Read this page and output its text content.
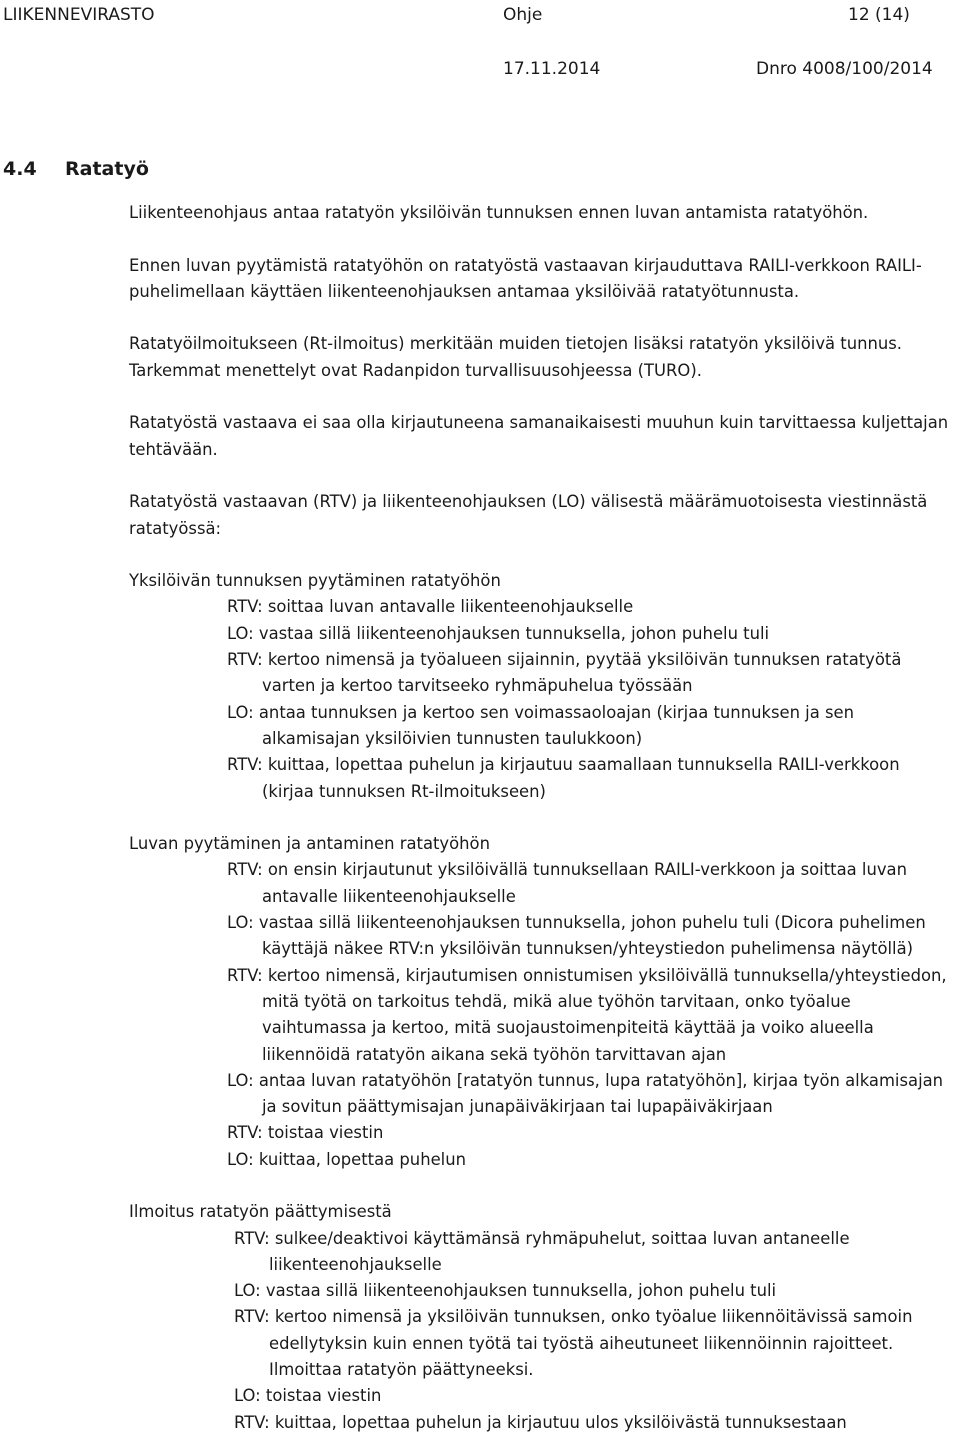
LIIKENNEVIRASTO	Ohje	12 (14)
17.11.2014	Dnro 4008/100/2014
4.4 Ratatyö

Liikenteenohjaus antaa ratatyön yksilöivän tunnuksen ennen luvan antamista ratatyöhön.

Ennen luvan pyytämistä ratatyöhön on ratatyöstä vastaavan kirjauduttava RAILI-verkkoon RAILI-puhelimellaan käyttäen liikenteenohjauksen antamaa yksilöivää ratatyötunnusta.

Ratatyöilmoitukseen (Rt-ilmoitus) merkitään muiden tietojen lisäksi ratatyön yksilöivä tunnus. Tarkemmat menettelyt ovat Radanpidon turvallisuusohjeessa (TURO).

Ratatyöstä vastaava ei saa olla kirjautuneena samanaikaisesti muuhun kuin tarvittaessa kuljettajan tehtävään.

Ratatyöstä vastaavan (RTV) ja liikenteenohjauksen (LO) välisestä määrämuotoisesta viestinnästä ratatyössä:

Yksilöivän tunnuksen pyytäminen ratatyöhön
RTV: soittaa luvan antavalle liikenteenohjaukselle
LO: vastaa sillä liikenteenohjauksen tunnuksella, johon puhelu tuli
RTV: kertoo nimensä ja työalueen sijainnin, pyytää yksilöivän tunnuksen ratatyötä varten ja kertoo tarvitseeko ryhmäpuhelua työssään
LO: antaa tunnuksen ja kertoo sen voimassaoloajan (kirjaa tunnuksen ja sen alkamisajan yksilöivien tunnusten taulukkoon)
RTV: kuittaa, lopettaa puhelun ja kirjautuu saamallaan tunnuksella RAILI-verkkoon (kirjaa tunnuksen Rt-ilmoitukseen)
Luvan pyytäminen ja antaminen ratatyöhön
RTV: on ensin kirjautunut yksilöivällä tunnuksellaan RAILI-verkkoon ja soittaa luvan antavalle liikenteenohjaukselle
LO: vastaa sillä liikenteenohjauksen tunnuksella, johon puhelu tuli (Dicora puhelimen käyttäjä näkee RTV:n yksilöivän tunnuksen/yhteystiedon puhelimensa näytöllä)
RTV: kertoo nimensä, kirjautumisen onnistumisen yksilöivällä tunnuksella/yhteystiedon, mitä työtä on tarkoitus tehdä, mikä alue työhön tarvitaan, onko työalue vaihtumassa ja kertoo, mitä suojaustoimenpiteitä käyttää ja voiko alueella liikennöidä ratatyön aikana sekä työhön tarvittavan ajan
LO: antaa luvan ratatyöhön [ratatyön tunnus, lupa ratatyöhön], kirjaa työn alkamisajan ja sovitun päättymisajan junapäiväkirjaan tai lupapäiväkirjaan
RTV: toistaa viestin
LO: kuittaa, lopettaa puhelun
Ilmoitus ratatyön päättymisestä
RTV: sulkee/deaktivoi käyttämänsä ryhmäpuhelut, soittaa luvan antaneelle liikenteenohjaukselle
LO: vastaa sillä liikenteenohjauksen tunnuksella, johon puhelu tuli
RTV: kertoo nimensä ja yksilöivän tunnuksen, onko työalue liikennöitävissä samoin edellytyksin kuin ennen työtä tai työstä aiheutuneet liikennöinnin rajoitteet. Ilmoittaa ratatyön päättyneeksi.
LO: toistaa viestin
RTV: kuittaa, lopettaa puhelun ja kirjautuu ulos yksilöivästä tunnuksestaan
